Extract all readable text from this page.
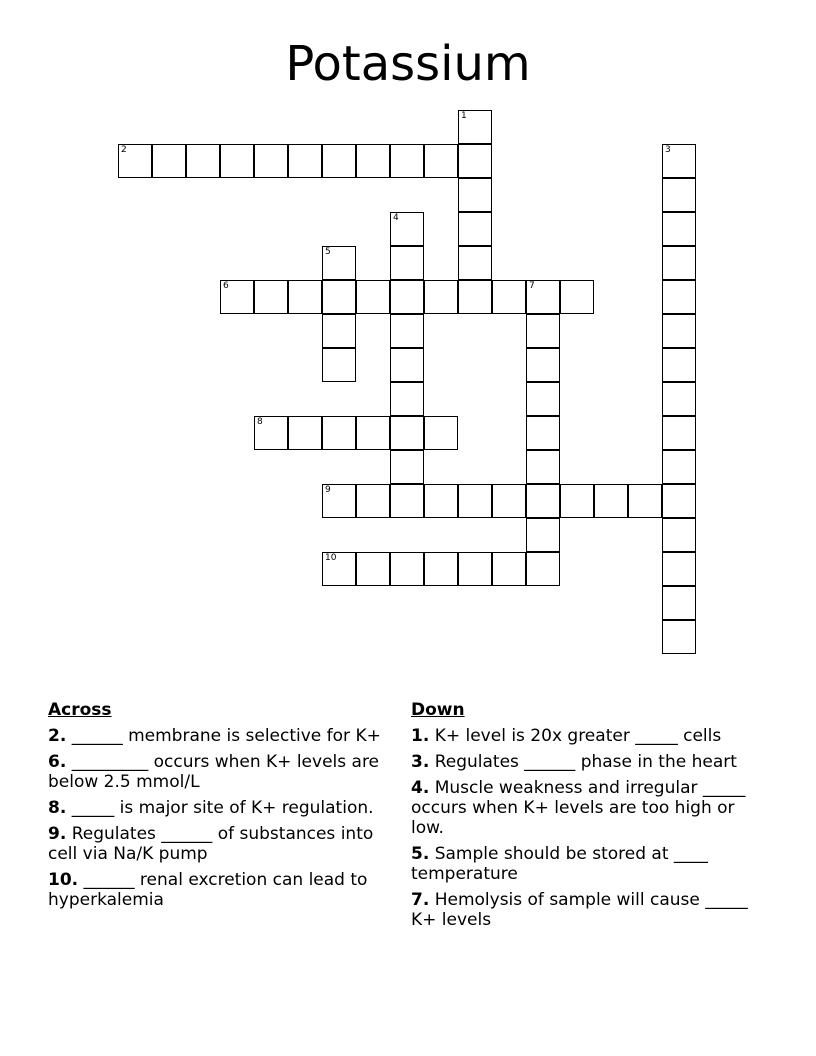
Potassium
1
2	3
4
5
6	7
8
9
10
Across
2. ______ membrane is selective for K+
6. _________ occurs when K+ levels are below 2.5 mmol/L
8. _____ is major site of K+ regulation.
9. Regulates ______ of substances into cell via Na/K pump
10. ______ renal excretion can lead to hyperkalemia
Down
1. K+ level is 20x greater _____ cells
3. Regulates ______ phase in the heart
4. Muscle weakness and irregular _____ occurs when K+ levels are too high or low.
5. Sample should be stored at ____ temperature
7. Hemolysis of sample will cause _____ K+ levels
